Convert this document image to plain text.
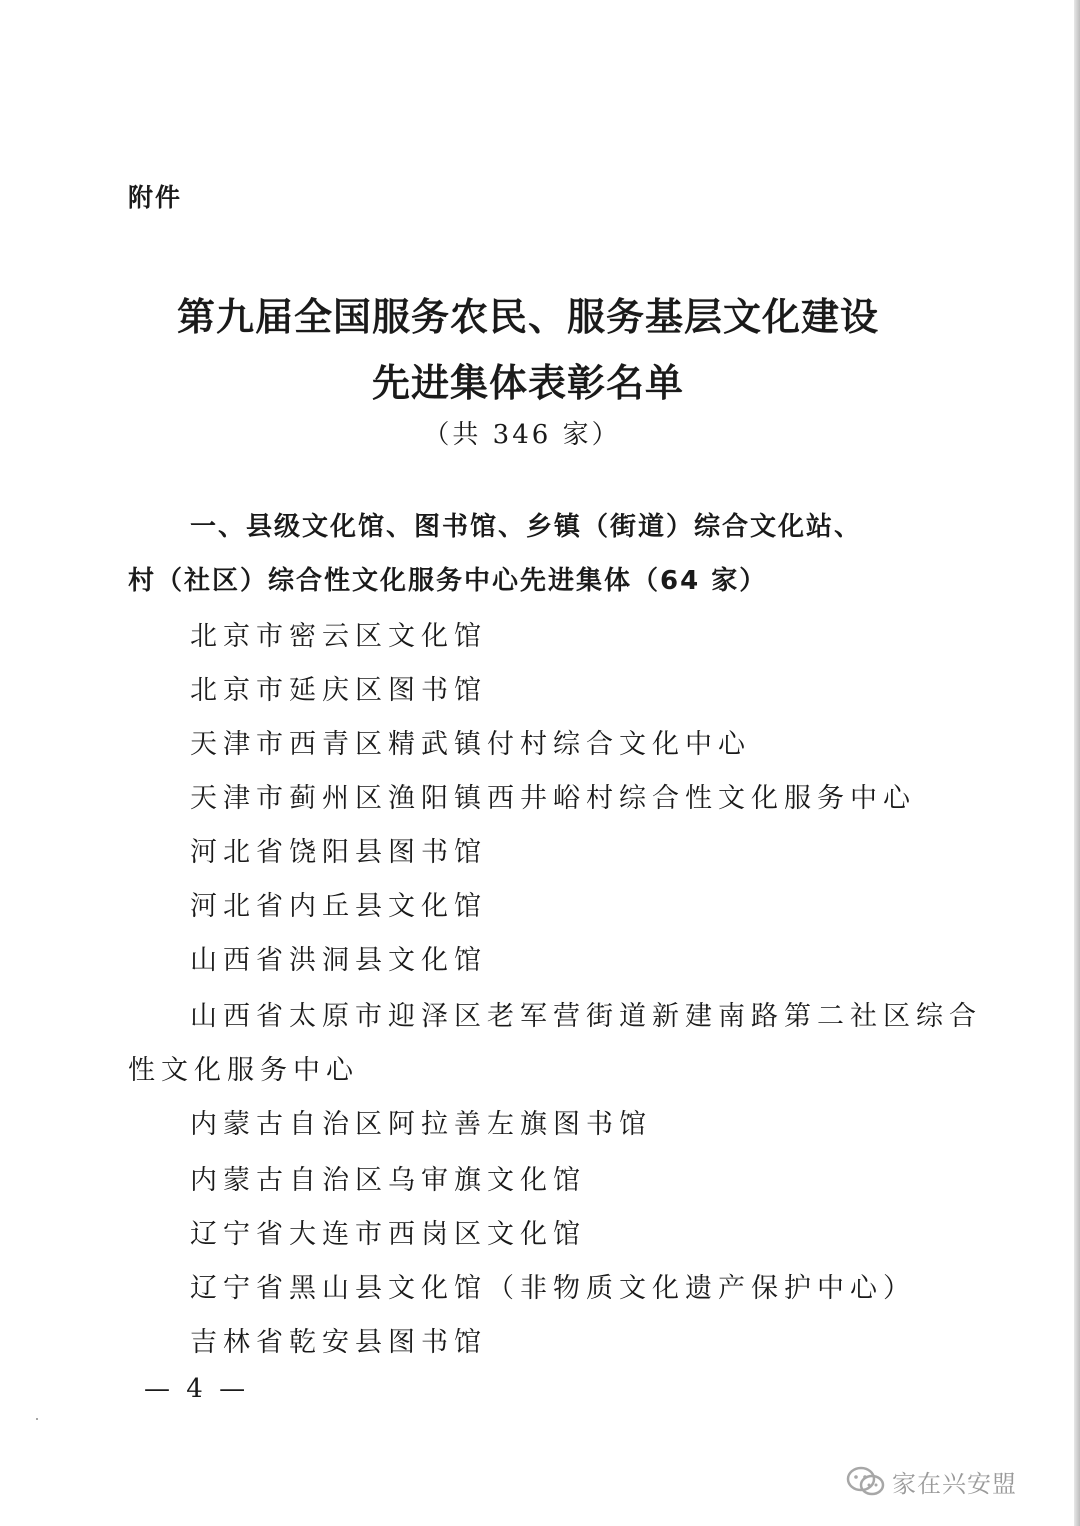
附件
第九届全国服务农民、服务基层文化建设
先进集体表彰名单
（共 346 家）
一、县级文化馆、图书馆、乡镇（街道）综合文化站、
村（社区）综合性文化服务中心先进集体（64 家）
北京市密云区文化馆
北京市延庆区图书馆
天津市西青区精武镇付村综合文化中心
天津市蓟州区渔阳镇西井峪村综合性文化服务中心
河北省饶阳县图书馆
河北省内丘县文化馆
山西省洪洞县文化馆
山西省太原市迎泽区老军营街道新建南路第二社区综合
性文化服务中心
内蒙古自治区阿拉善左旗图书馆
内蒙古自治区乌审旗文化馆
辽宁省大连市西岗区文化馆
辽宁省黑山县文化馆（非物质文化遗产保护中心）
吉林省乾安县图书馆
— 4 —
家在兴安盟
